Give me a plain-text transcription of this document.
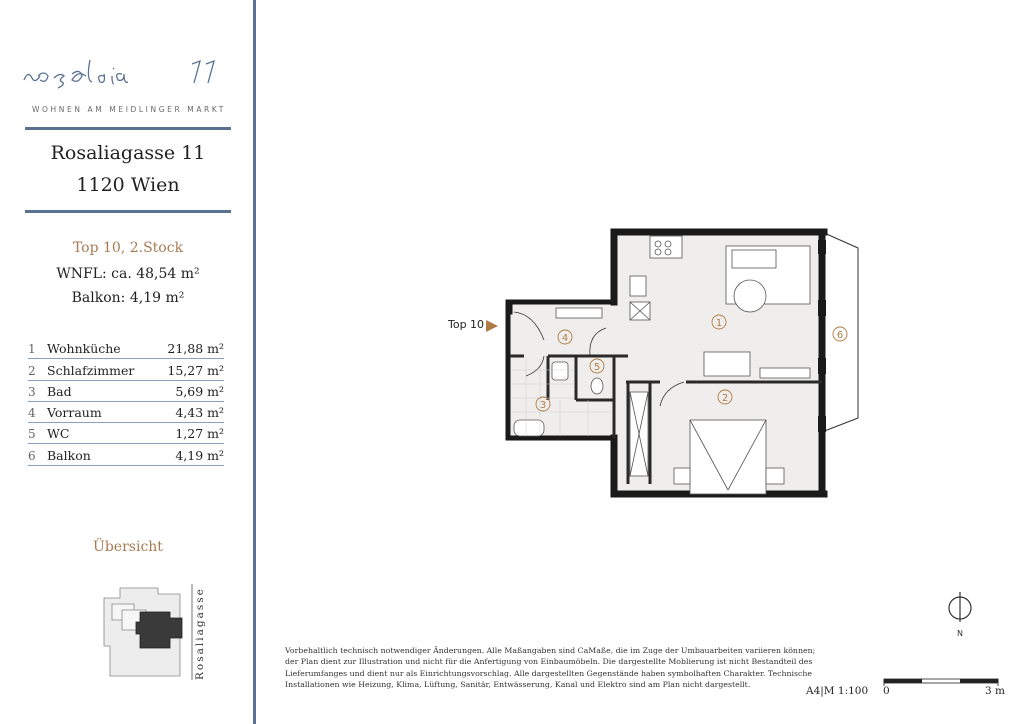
WOHNEN AM MEIDLINGER MARKT
Rosaliagasse 11
1120 Wien
Top 10, 2.Stock
WNFL: ca. 48,54 m²
Balkon: 4,19 m²
1 Wohnküche	21,88 m²
2 Schlafzimmer	15,27 m²
3 Bad	5,69 m²
4 Vorraum	4,43 m²
5 WC	1,27 m²
6 Balkon	4,19 m²
Übersicht
Rosaliagasse
Top 10	1
2
3
4
5
6
N
Vorbehaltlich technisch notwendiger Änderungen. Alle Maßangaben sind CaMaße, die im Zuge der Umbauarbeiten variieren können;
der Plan dient zur Illustration und nicht für die Anfertigung von Einbaumöbeln. Die dargestellte Moblierung ist nicht Bestandteil des
Lieferumfanges und dient nur als Einrichtungsvorschlag. Alle dargestellten Gegenstände haben symbolhaften Charakter. Technische
Installationen wie Heizung, Klima, Lüftung, Sanitär, Entwässerung, Kanal und Elektro sind am Plan nicht dargestellt.
A4|M 1:100 0	3 m
